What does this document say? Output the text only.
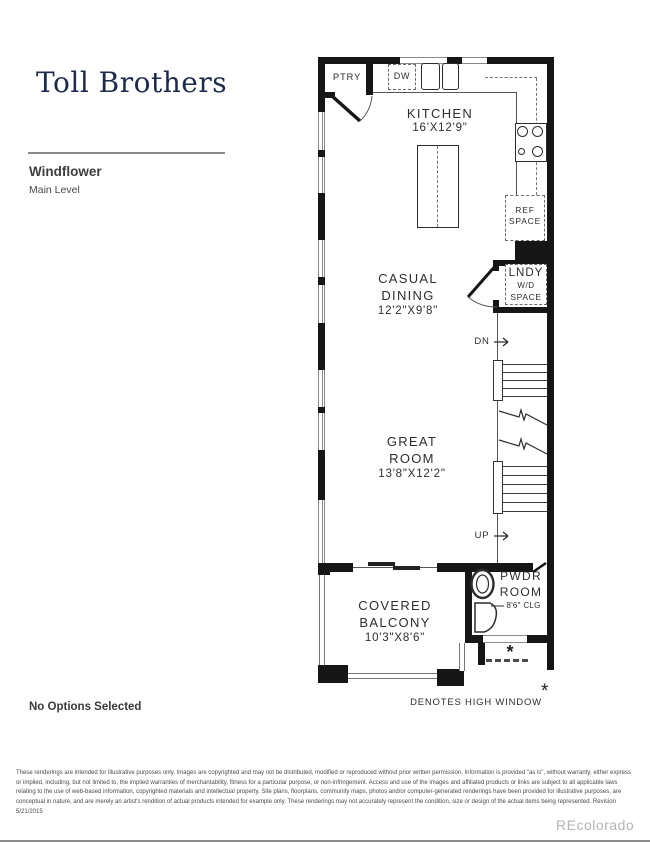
Toll Brothers
Windflower
Main Level
PTRY	DW
KITCHEN
16'X12'9"
REF
SPACE
LNDY
W/D
SPACE
CASUAL
DINING
12'2"X9'8"
DN
UP
GREAT
ROOM
13'8"X12'2"
PWDR
ROOM
8'6" CLG
*
COVERED
BALCONY
10'3"X8'6"
DENOTES HIGH WINDOW
*
No Options Selected
These renderings are intended for illustrative purposes only. Images are copyrighted and may not be distributed, modified or reproduced without prior written permission. Information is provided "as is", without warranty, either express or implied, including, but not limited to, the implied warranties of merchantability, fitness for a particular purpose, or non-infringement. Access and use of the images and affiliated products or links are subject to all applicable laws relating to the use of web-based information, copyrighted materials and intellectual property. Site plans, floorplans, community maps, photos and/or computer-generated renderings have been provided for illustrative purposes, are conceptual in nature, and are merely an artist's rendition of actual products intended for example only. These renderings may not accurately represent the condition, size or design of the actual items being represented. Revision 5/21/2015
REcolorado
